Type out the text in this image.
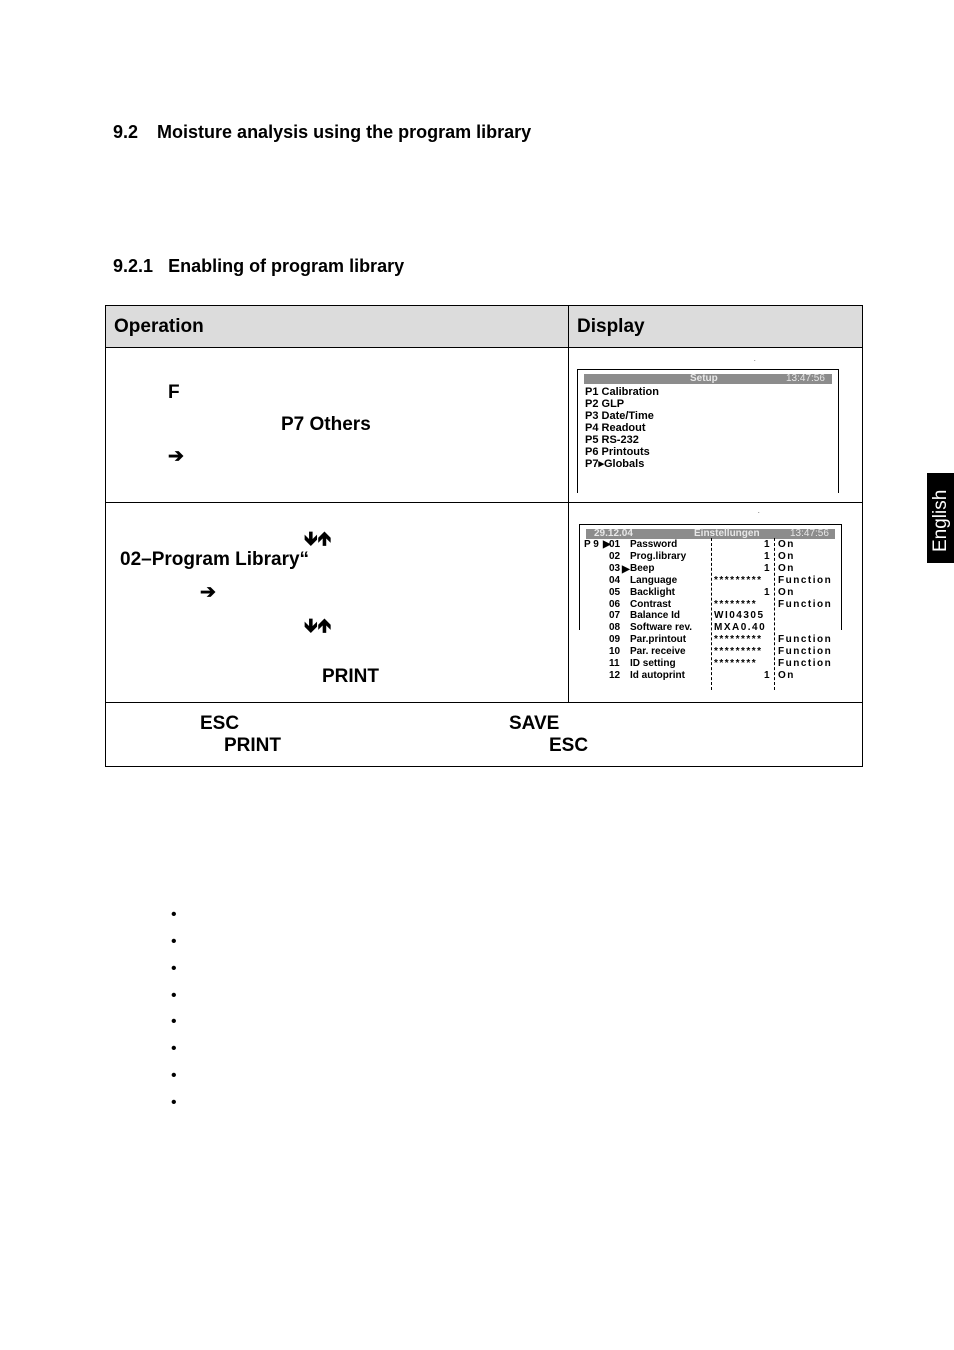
9.2 Moisture analysis using the program library
9.2.1 Enabling of program library
Operation	Display
F
P7 Others
➔
.
Setup	13:47:56
P1 Calibration
P2 GLP
P3 Date/Time
P4 Readout
P5 RS-232
P6 Printouts
P7▸Globals
🡻🡹
02–Program Library“
➔
🡻🡹
PRINT
.
29.12.04	Einstellungen	13:47:56
P 9 ▶
▶
01 Password	1 On
02 Prog.library	1 On
03 Beep	1 On
04 Language	********* Function
05 Backlight	1 On
06 Contrast	******** Function
07 Balance Id	WI04305
08 Software rev. MXA0.40
09 Par.printout	********* Function
10 Par. receive	********* Function
11 ID setting	******** Function
12 Id autoprint	1 On
ESC	SAVE
PRINT	ESC
•
•
•
•
•
•
•
•
English
